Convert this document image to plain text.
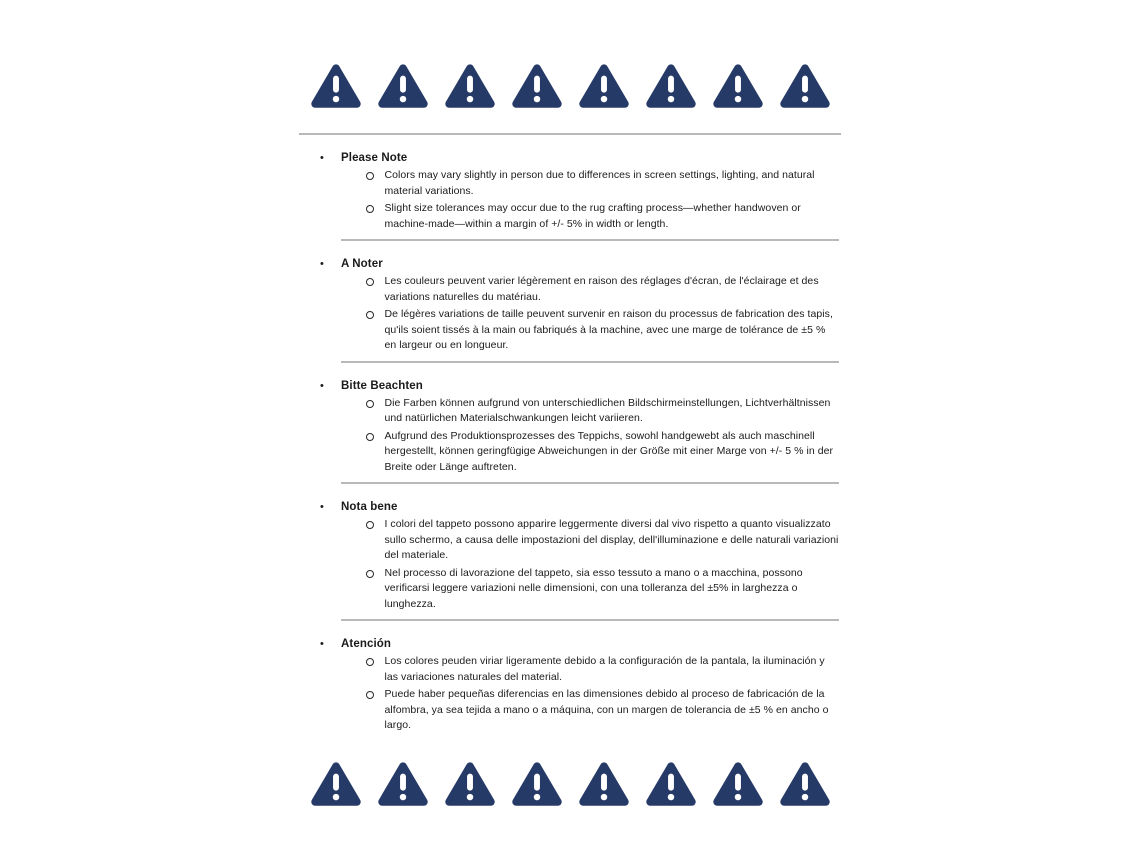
•	Please Note

Colors may vary slightly in person due to differences in screen settings, lighting, and natural material variations.

Slight size tolerances may occur due to the rug crafting process—whether handwoven or machine-made—within a margin of +/- 5% in width or length.

•	A Noter

Les couleurs peuvent varier légèrement en raison des réglages d'écran, de l'éclairage et des variations naturelles du matériau.

De légères variations de taille peuvent survenir en raison du processus de fabrication des tapis, qu'ils soient tissés à la main ou fabriqués à la machine, avec une marge de tolérance de ±5 % en largeur ou en longueur.

•	Bitte Beachten

Die Farben können aufgrund von unterschiedlichen Bildschirmeinstellungen, Lichtverhältnissen und natürlichen Materialschwankungen leicht variieren.

Aufgrund des Produktionsprozesses des Teppichs, sowohl handgewebt als auch maschinell hergestellt, können geringfügige Abweichungen in der Größe mit einer Marge von +/- 5 % in der Breite oder Länge auftreten.

•	Nota bene

I colori del tappeto possono apparire leggermente diversi dal vivo rispetto a quanto visualizzato sullo schermo, a causa delle impostazioni del display, dell'illuminazione e delle naturali variazioni del materiale.

Nel processo di lavorazione del tappeto, sia esso tessuto a mano o a macchina, possono verificarsi leggere variazioni nelle dimensioni, con una tolleranza del ±5% in larghezza o lunghezza.

•	Atención

Los colores peuden viriar ligeramente debido a la configuración de la pantala, la iluminación y las variaciones naturales del material.

Puede haber pequeñas diferencias en las dimensiones debido al proceso de fabricación de la alfombra, ya sea tejida a mano o a máquina, con un margen de tolerancia de ±5 % en ancho o largo.
